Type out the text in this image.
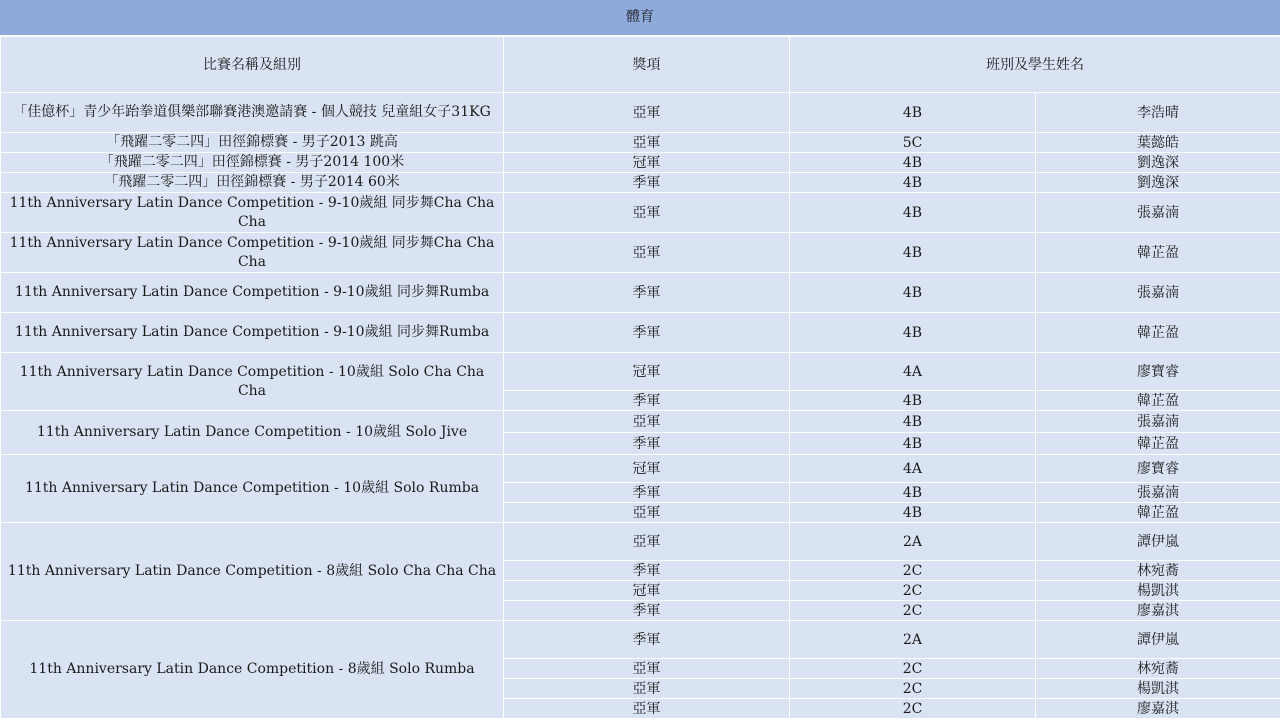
體育
比賽名稱及組別	獎項	班別及學生姓名	
「佳億杯」青少年跆拳道俱樂部聯賽港澳邀請賽 - 個人競技 兒童組女子31KG	亞軍	4B	李浩晴
「飛躍二零二四」田徑錦標賽 - 男子2013 跳高	亞軍	5C	葉懿皓
「飛躍二零二四」田徑錦標賽 - 男子2014 100米	冠軍	4B	劉逸深
「飛躍二零二四」田徑錦標賽 - 男子2014 60米	季軍	4B	劉逸深
11th Anniversary Latin Dance Competition - 9-10歲組 同步舞Cha Cha Cha	亞軍	4B	張嘉湳
11th Anniversary Latin Dance Competition - 9-10歲組 同步舞Cha Cha Cha	亞軍	4B	韓芷盈
11th Anniversary Latin Dance Competition - 9-10歲組 同步舞Rumba	季軍	4B	張嘉湳
11th Anniversary Latin Dance Competition - 9-10歲組 同步舞Rumba	季軍	4B	韓芷盈
11th Anniversary Latin Dance Competition - 10歲組 Solo Cha Cha Cha	冠軍	4A	廖寶睿
	季軍	4B	韓芷盈
11th Anniversary Latin Dance Competition - 10歲組 Solo Jive	亞軍	4B	張嘉湳
	季軍	4B	韓芷盈
11th Anniversary Latin Dance Competition - 10歲組 Solo Rumba	冠軍	4A	廖寶睿
	季軍	4B	張嘉湳
	亞軍	4B	韓芷盈
11th Anniversary Latin Dance Competition - 8歲組 Solo Cha Cha Cha	亞軍	2A	譚伊嵐
	季軍	2C	林宛蕎
	冠軍	2C	楊凱淇
	季軍	2C	廖嘉淇
11th Anniversary Latin Dance Competition - 8歲組 Solo Rumba	季軍	2A	譚伊嵐
	亞軍	2C	林宛蕎
	亞軍	2C	楊凱淇
	亞軍	2C	廖嘉淇
